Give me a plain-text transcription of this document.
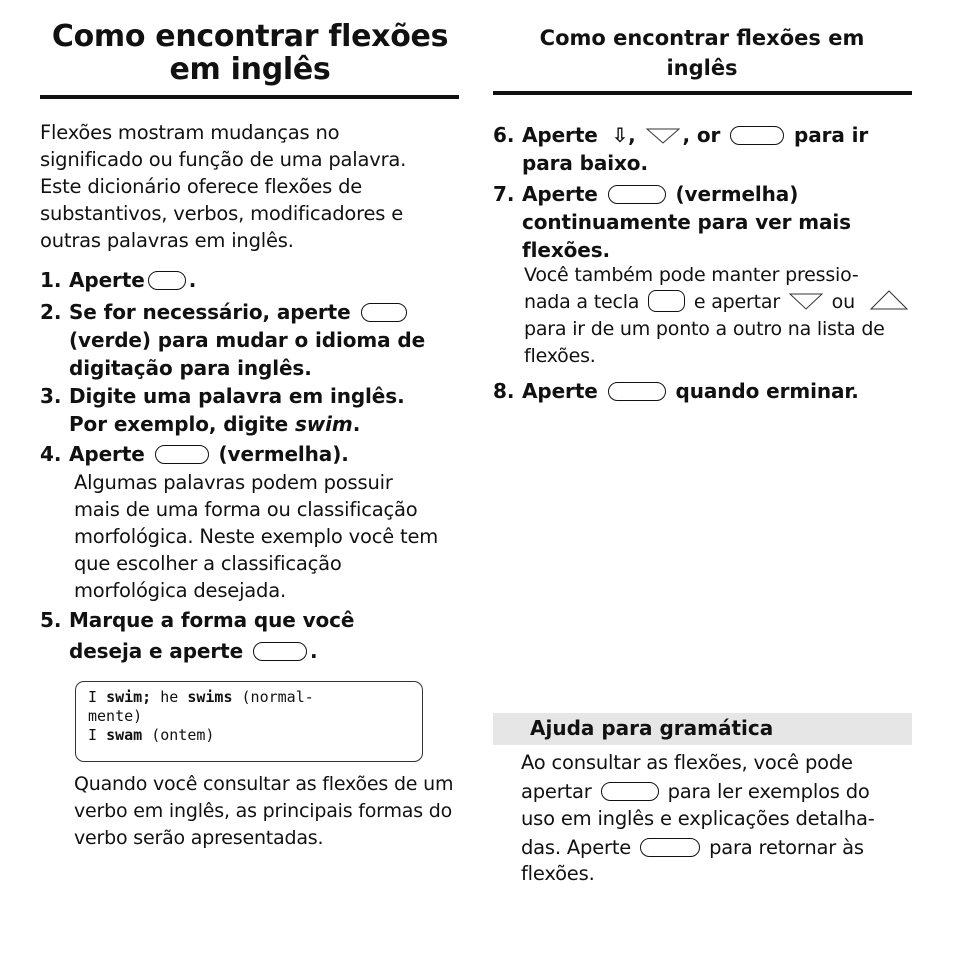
Como encontrar flexões
em inglês
Flexões mostram mudanças no significado ou função de uma palavra. Este dicionário oferece flexões de substantivos, verbos, modificadores e outras palavras em inglês.
1. Aperte .
2. Se for necessário, aperte  (verde) para mudar o idioma de digitação para inglês.
3. Digite uma palavra em inglês.
Por exemplo, digite swim.
4. Aperte	(vermelha).
Algumas palavras podem possuir mais de uma forma ou classificação morfológica. Neste exemplo você tem que escolher a classificação morfológica desejada.
5. Marque a forma que você
deseja e aperte	.
I swim; he swims (normal-
mente)
I swam (ontem)
Quando você consultar as flexões de um verbo em inglês, as principais formas do verbo serão apresentadas.
Como encontrar flexões em
inglês
6. Aperte ⇩, , or	para ir
para baixo.
7. Aperte	(vermelha)
continuamente para ver mais
flexões.
Você também pode manter pressio-
nada a tecla	e apertar	ou
para ir de um ponto a outro na lista de
flexões.
8. Aperte	quando erminar.
Ajuda para gramática
Ao consultar as flexões, você pode
apertar	para ler exemplos do
uso em inglês e explicações detalha-
das. Aperte	para retornar às
flexões.
